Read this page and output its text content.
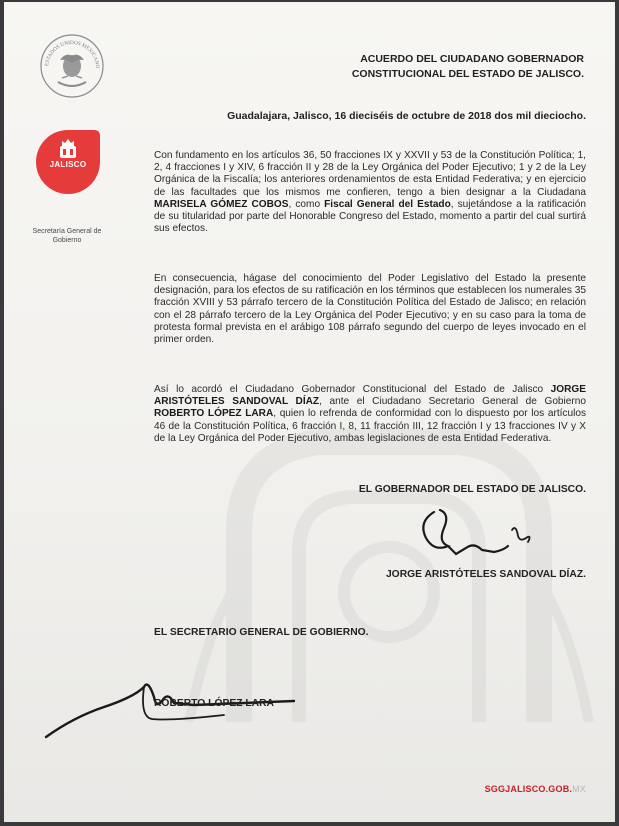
ESTADOS UNIDOS MEXICANO
JALISCO
Secretaría General de Gobierno
ACUERDO DEL CIUDADANO GOBERNADOR
CONSTITUCIONAL DEL ESTADO DE JALISCO.
Guadalajara, Jalisco, 16 dieciséis de octubre de 2018 dos mil dieciocho.
Con fundamento en los artículos 36, 50 fracciones IX y XXVII y 53 de la Constitución Política; 1, 2, 4 fracciones I y XIV, 6 fracción II y 28 de la Ley Orgánica del Poder Ejecutivo; 1 y 2 de la Ley Orgánica de la Fiscalía; los anteriores ordenamientos de esta Entidad Federativa; y en ejercicio de las facultades que los mismos me confieren, tengo a bien designar a la Ciudadana MARISELA GÓMEZ COBOS, como Fiscal General del Estado, sujetándose a la ratificación de su titularidad por parte del Honorable Congreso del Estado, momento a partir del cual surtirá sus efectos.
En consecuencia, hágase del conocimiento del Poder Legislativo del Estado la presente designación, para los efectos de su ratificación en los términos que establecen los numerales 35 fracción XVIII y 53 párrafo tercero de la Constitución Política del Estado de Jalisco; en relación con el 28 párrafo tercero de la Ley Orgánica del Poder Ejecutivo; y en su caso para la toma de protesta formal prevista en el arábigo 108 párrafo segundo del cuerpo de leyes invocado en el primer orden.
Así lo acordó el Ciudadano Gobernador Constitucional del Estado de Jalisco JORGE ARISTÓTELES SANDOVAL DÍAZ, ante el Ciudadano Secretario General de Gobierno ROBERTO LÓPEZ LARA, quien lo refrenda de conformidad con lo dispuesto por los artículos 46 de la Constitución Política, 6 fracción I, 8, 11 fracción III, 12 fracción I y 13 fracciones IV y X de la Ley Orgánica del Poder Ejecutivo, ambas legislaciones de esta Entidad Federativa.
EL GOBERNADOR DEL ESTADO DE JALISCO.
JORGE ARISTÓTELES SANDOVAL DÍAZ.
EL SECRETARIO GENERAL DE GOBIERNO.
ROBERTO LÓPEZ LARA
SGGJALISCO.GOB.MX
